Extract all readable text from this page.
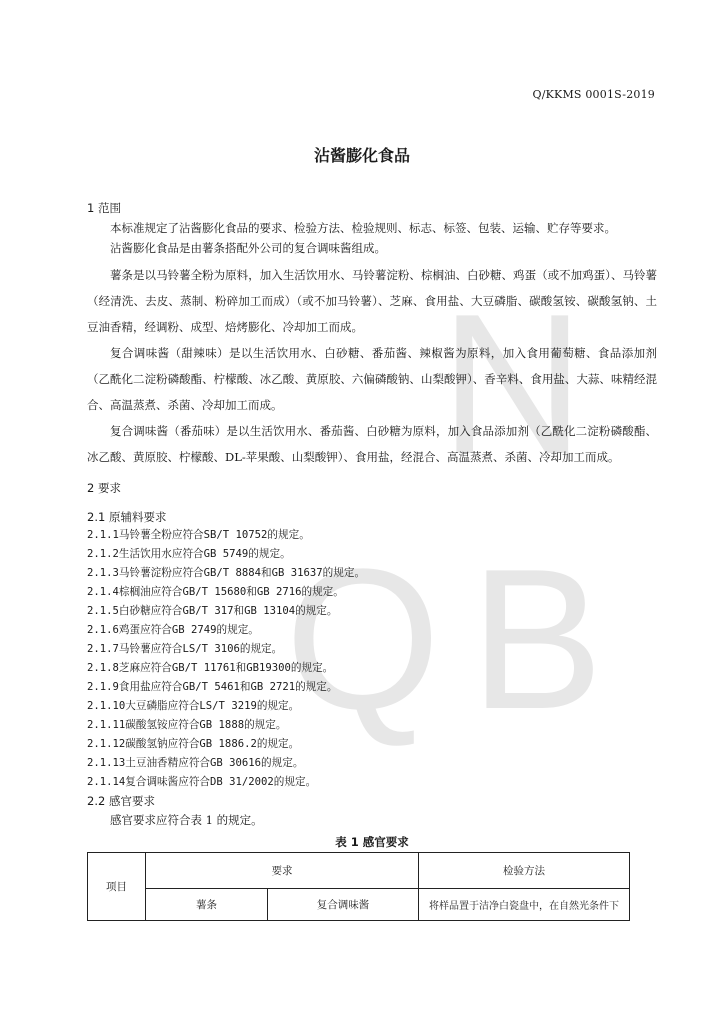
N
Q B
Q/KKMS 0001S-2019
沾酱膨化食品
1 范围

本标准规定了沾酱膨化食品的要求、检验方法、检验规则、标志、标签、包装、运输、贮存等要求。

沾酱膨化食品是由薯条搭配外公司的复合调味酱组成。

薯条是以马铃薯全粉为原料，加入生活饮用水、马铃薯淀粉、棕榈油、白砂糖、鸡蛋（或不加鸡蛋）、马铃薯（经清洗、去皮、蒸制、粉碎加工而成）（或不加马铃薯）、芝麻、食用盐、大豆磷脂、碳酸氢铵、碳酸氢钠、土豆油香精，经调粉、成型、焙烤膨化、冷却加工而成。

复合调味酱（甜辣味）是以生活饮用水、白砂糖、番茄酱、辣椒酱为原料，加入食用葡萄糖、食品添加剂（乙酰化二淀粉磷酸酯、柠檬酸、冰乙酸、黄原胶、六偏磷酸钠、山梨酸钾）、香辛料、食用盐、大蒜、味精经混合、高温蒸煮、杀菌、冷却加工而成。

复合调味酱（番茄味）是以生活饮用水、番茄酱、白砂糖为原料，加入食品添加剂（乙酰化二淀粉磷酸酯、冰乙酸、黄原胶、柠檬酸、DL-苹果酸、山梨酸钾）、食用盐，经混合、高温蒸煮、杀菌、冷却加工而成。

2 要求
2.1 原辅料要求
2.1.1马铃薯全粉应符合SB/T 10752的规定。
2.1.2生活饮用水应符合GB 5749的规定。
2.1.3马铃薯淀粉应符合GB/T 8884和GB 31637的规定。
2.1.4棕榈油应符合GB/T 15680和GB 2716的规定。
2.1.5白砂糖应符合GB/T 317和GB 13104的规定。
2.1.6鸡蛋应符合GB 2749的规定。
2.1.7马铃薯应符合LS/T 3106的规定。
2.1.8芝麻应符合GB/T 11761和GB19300的规定。
2.1.9食用盐应符合GB/T 5461和GB 2721的规定。
2.1.10大豆磷脂应符合LS/T 3219的规定。
2.1.11碳酸氢铵应符合GB 1888的规定。
2.1.12碳酸氢钠应符合GB 1886.2的规定。
2.1.13土豆油香精应符合GB 30616的规定。
2.1.14复合调味酱应符合DB 31/2002的规定。
2.2 感官要求
感官要求应符合表 1 的规定。
表 1 感官要求
项目	要求		检验方法
	薯条	复合调味酱	将样品置于洁净白瓷盘中，在自然光条件下
